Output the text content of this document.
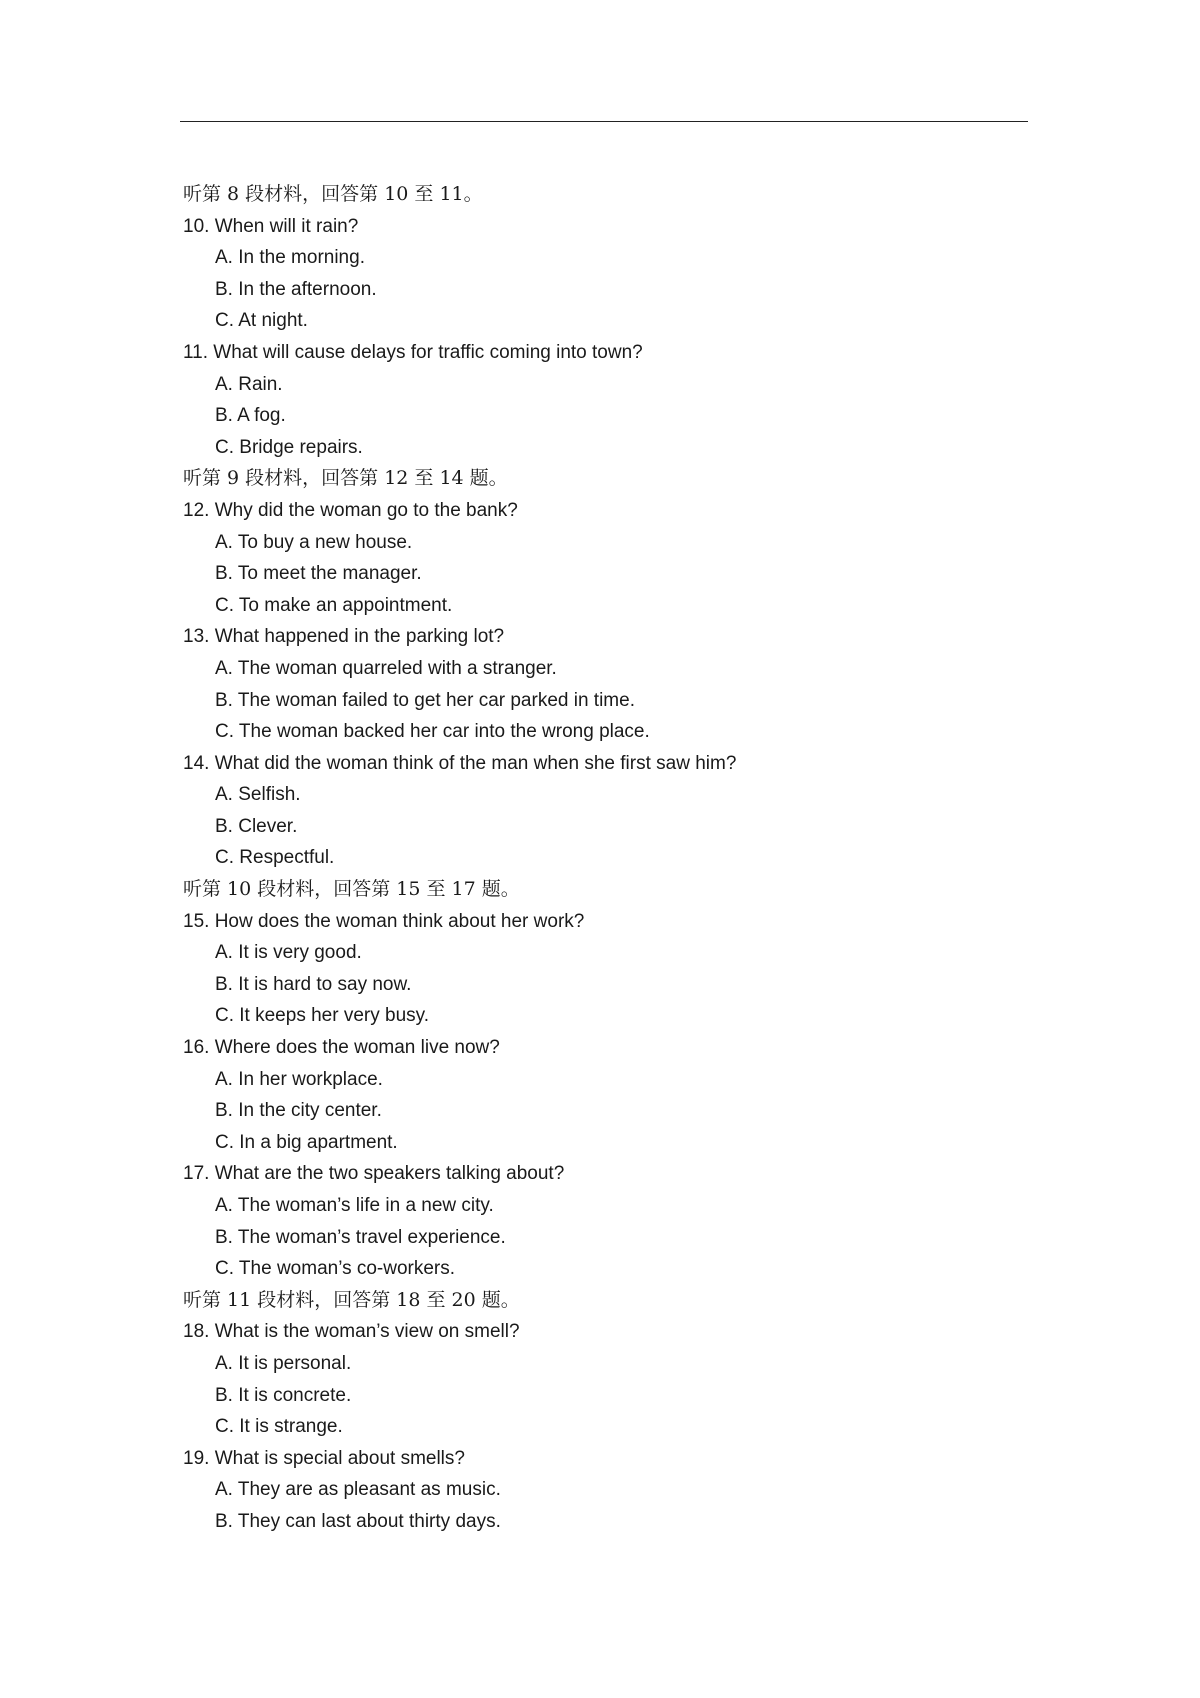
听第 8 段材料，回答第 10 至 11。
10. When will it rain?
A. In the morning.
B. In the afternoon.
C. At night.
11. What will cause delays for traffic coming into town?
A. Rain.
B. A fog.
C. Bridge repairs.
听第 9 段材料，回答第 12 至 14 题。
12. Why did the woman go to the bank?
A. To buy a new house.
B. To meet the manager.
C. To make an appointment.
13. What happened in the parking lot?
A. The woman quarreled with a stranger.
B. The woman failed to get her car parked in time.
C. The woman backed her car into the wrong place.
14. What did the woman think of the man when she first saw him?
A. Selfish.
B. Clever.
C. Respectful.
听第 10 段材料，回答第 15 至 17 题。
15. How does the woman think about her work?
A. It is very good.
B. It is hard to say now.
C. It keeps her very busy.
16. Where does the woman live now?
A. In her workplace.
B. In the city center.
C. In a big apartment.
17. What are the two speakers talking about?
A. The woman’s life in a new city.
B. The woman’s travel experience.
C. The woman’s co-workers.
听第 11 段材料，回答第 18 至 20 题。
18. What is the woman’s view on smell?
A. It is personal.
B. It is concrete.
C. It is strange.
19. What is special about smells?
A. They are as pleasant as music.
B. They can last about thirty days.
